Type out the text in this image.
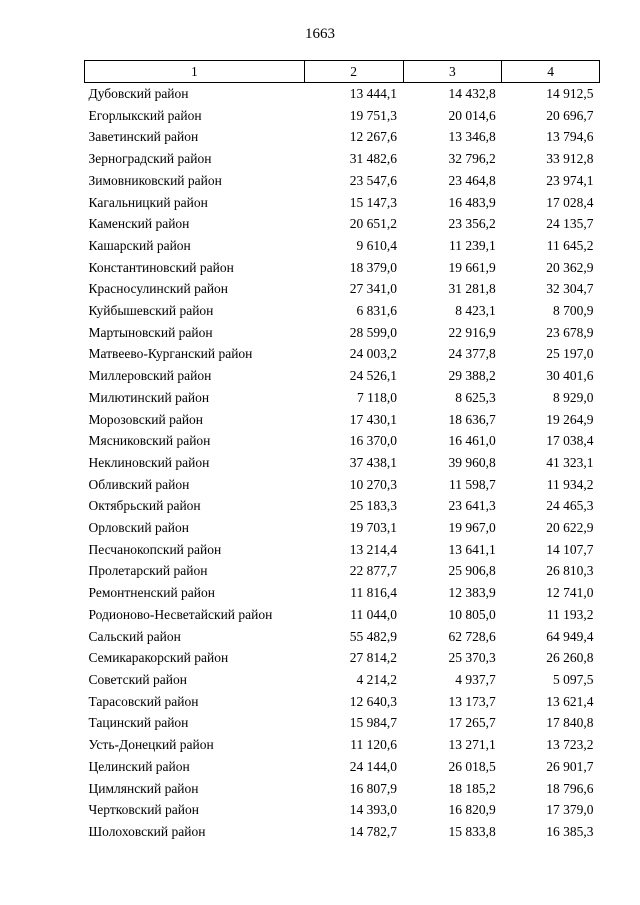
1663
1	2	3	4
Дубовский район	13 444,1	14 432,8	14 912,5
Егорлыкский район	19 751,3	20 014,6	20 696,7
Заветинский район	12 267,6	13 346,8	13 794,6
Зерноградский район	31 482,6	32 796,2	33 912,8
Зимовниковский район	23 547,6	23 464,8	23 974,1
Кагальницкий район	15 147,3	16 483,9	17 028,4
Каменский район	20 651,2	23 356,2	24 135,7
Кашарский район	9 610,4	11 239,1	11 645,2
Константиновский район	18 379,0	19 661,9	20 362,9
Красносулинский район	27 341,0	31 281,8	32 304,7
Куйбышевский район	6 831,6	8 423,1	8 700,9
Мартыновский район	28 599,0	22 916,9	23 678,9
Матвеево-Курганский район	24 003,2	24 377,8	25 197,0
Миллеровский район	24 526,1	29 388,2	30 401,6
Милютинский район	7 118,0	8 625,3	8 929,0
Морозовский район	17 430,1	18 636,7	19 264,9
Мясниковский район	16 370,0	16 461,0	17 038,4
Неклиновский район	37 438,1	39 960,8	41 323,1
Обливский район	10 270,3	11 598,7	11 934,2
Октябрьский район	25 183,3	23 641,3	24 465,3
Орловский район	19 703,1	19 967,0	20 622,9
Песчанокопский район	13 214,4	13 641,1	14 107,7
Пролетарский район	22 877,7	25 906,8	26 810,3
Ремонтненский район	11 816,4	12 383,9	12 741,0
Родионово-Несветайский район	11 044,0	10 805,0	11 193,2
Сальский район	55 482,9	62 728,6	64 949,4
Семикаракорский район	27 814,2	25 370,3	26 260,8
Советский район	4 214,2	4 937,7	5 097,5
Тарасовский район	12 640,3	13 173,7	13 621,4
Тацинский район	15 984,7	17 265,7	17 840,8
Усть-Донецкий район	11 120,6	13 271,1	13 723,2
Целинский район	24 144,0	26 018,5	26 901,7
Цимлянский район	16 807,9	18 185,2	18 796,6
Чертковский район	14 393,0	16 820,9	17 379,0
Шолоховский район	14 782,7	15 833,8	16 385,3
